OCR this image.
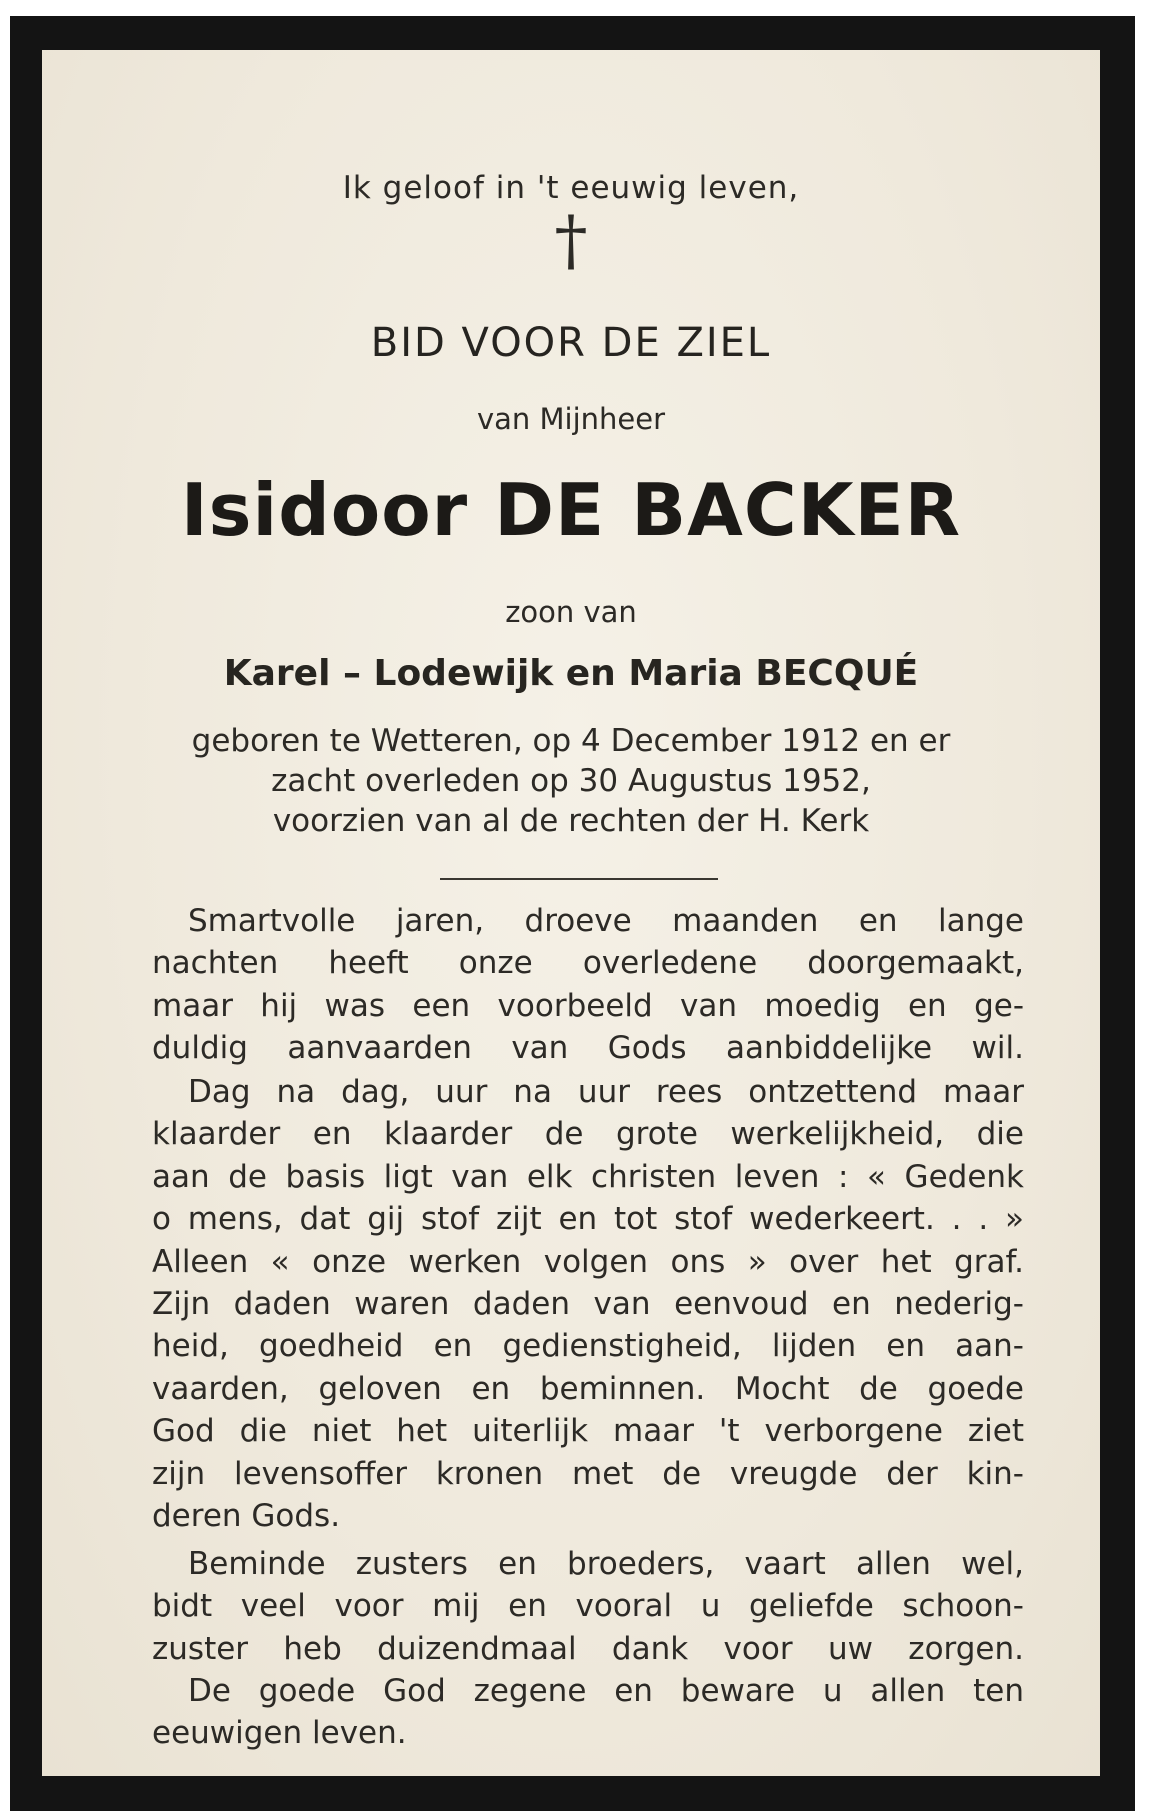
Ik geloof in 't eeuwig leven,
†
BID VOOR DE ZIEL
van Mijnheer
Isidoor DE BACKER
zoon van
Karel – Lodewijk en Maria BECQUÉ
geboren te Wetteren, op 4 December 1912 en er
zacht overleden op 30 Augustus 1952,
voorzien van al de rechten der H. Kerk
Smartvolle jaren, droeve maanden en lange
nachten heeft onze overledene doorgemaakt,
maar hij was een voorbeeld van moedig en ge-
duldig aanvaarden van Gods aanbiddelijke wil.
Dag na dag, uur na uur rees ontzettend maar
klaarder en klaarder de grote werkelijkheid, die
aan de basis ligt van elk christen leven : « Gedenk
o mens, dat gij stof zijt en tot stof wederkeert. . . »
Alleen « onze werken volgen ons » over het graf.
Zijn daden waren daden van eenvoud en nederig-
heid, goedheid en gedienstigheid, lijden en aan-
vaarden, geloven en beminnen. Mocht de goede
God die niet het uiterlijk maar 't verborgene ziet
zijn levensoffer kronen met de vreugde der kin-
deren Gods.
Beminde zusters en broeders, vaart allen wel,
bidt veel voor mij en vooral u geliefde schoon-
zuster heb duizendmaal dank voor uw zorgen.
De goede God zegene en beware u allen ten
eeuwigen leven.
